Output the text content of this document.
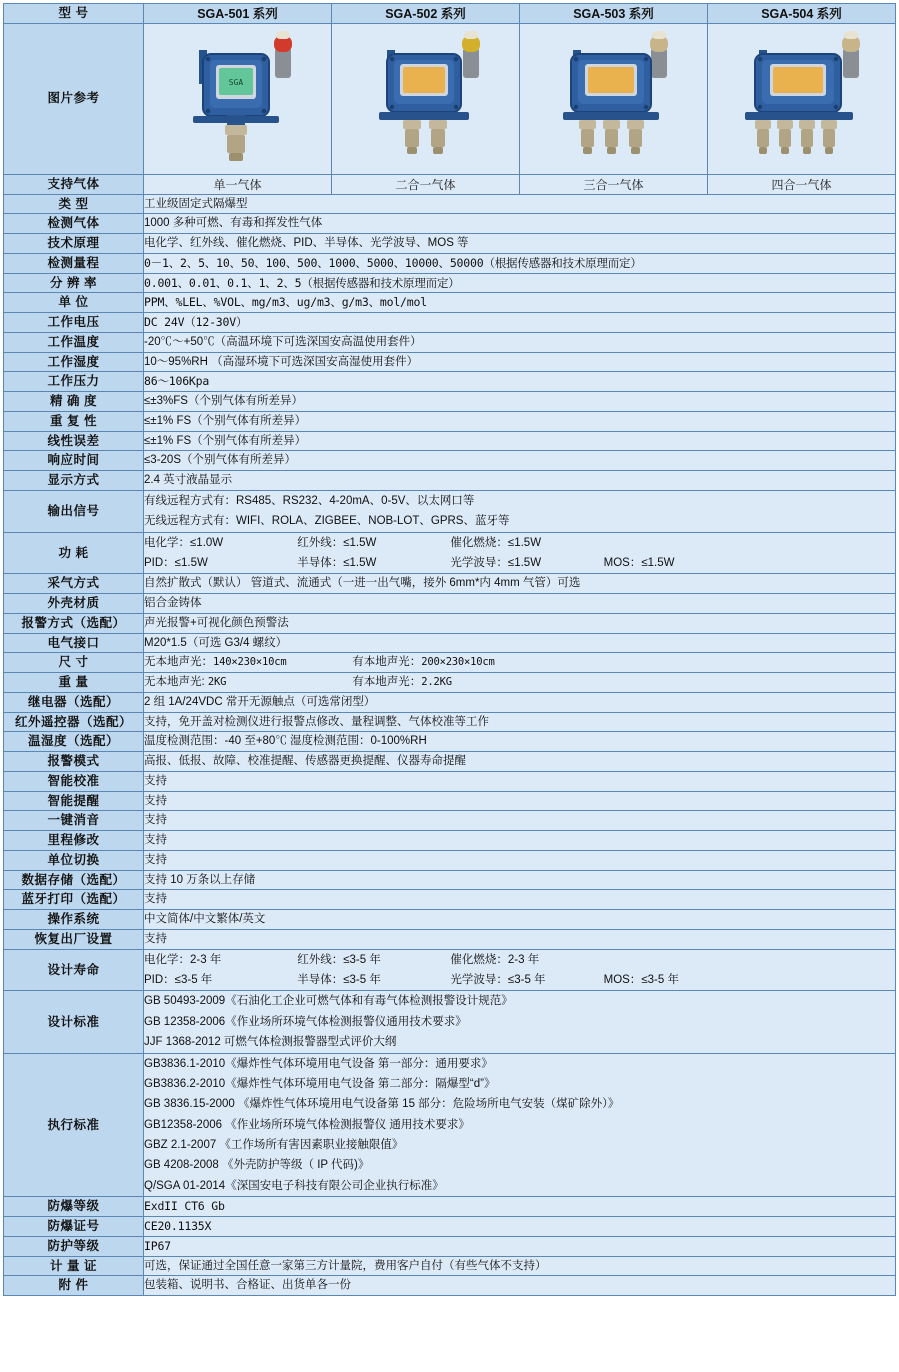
型 号	SGA-501 系列	SGA-502 系列	SGA-503 系列	SGA-504 系列
图片参考	SGA

支持气体	单一气体	二合一气体	三合一气体	四合一气体
类 型	工业级固定式隔爆型			
检测气体	1000 多种可燃、有毒和挥发性气体			
技术原理	电化学、红外线、催化燃烧、PID、半导体、光学波导、MOS 等			
检测量程	0－1、2、5、10、50、100、500、1000、5000、10000、50000（根据传感器和技术原理而定）			
分 辨 率	0.001、0.01、0.1、1、2、5（根据传感器和技术原理而定）			
单 位	PPM、%LEL、%VOL、mg/m3、ug/m3、g/m3、mol/mol			
工作电压	DC 24V（12-30V）			
工作温度	-20℃～+50℃（高温环境下可选深国安高温使用套件）			
工作湿度	10～95%RH （高湿环境下可选深国安高湿使用套件）			
工作压力	86～106Kpa			
精 确 度	≤±3%FS（个别气体有所差异）			
重 复 性	≤±1% FS（个别气体有所差异）			
线性误差	≤±1% FS（个别气体有所差异）			
响应时间	≤3-20S（个别气体有所差异）			
显示方式	2.4 英寸液晶显示			
输出信号	有线远程方式有：RS485、RS232、4-20mA、0-5V、以太网口等
无线远程方式有：WIFI、ROLA、ZIGBEE、NOB-LOT、GPRS、蓝牙等			

功 耗	电化学：≤1.0W 红外线：≤1.5W 催化燃烧：≤1.5W
PID：≤1.5W 半导体：≤1.5W 光学波导：≤1.5W MOS：≤1.5W			

采气方式	自然扩散式（默认） 管道式、流通式（一进一出气嘴，接外 6mm*内 4mm 气管）可选			
外壳材质	铝合金铸体			
报警方式（选配）	声光报警+可视化颜色预警法			
电气接口	M20*1.5（可选 G3/4 螺纹）			
尺 寸	无本地声光：140×230×10cm 有本地声光：200×230×10cm			

重 量	无本地声光: 2KG 有本地声光：2.2KG			

继电器（选配）	2 组 1A/24VDC 常开无源触点（可选常闭型）			
红外遥控器（选配）	支持，免开盖对检测仪进行报警点修改、量程调整、气体校准等工作			
温湿度（选配）	温度检测范围：-40 至+80℃ 湿度检测范围：0-100%RH			
报警模式	高报、低报、故障、校准提醒、传感器更换提醒、仪器寿命提醒			
智能校准	支持			
智能提醒	支持			
一键消音	支持			
里程修改	支持			
单位切换	支持			
数据存储（选配）	支持 10 万条以上存储			
蓝牙打印（选配）	支持			
操作系统	中文简体/中文繁体/英文			
恢复出厂设置	支持			
设计寿命	电化学：2-3 年 红外线：≤3-5 年 催化燃烧：2-3 年
PID：≤3-5 年 半导体：≤3-5 年 光学波导：≤3-5 年 MOS：≤3-5 年			

设计标准	GB 50493-2009《石油化工企业可燃气体和有毒气体检测报警设计规范》
GB 12358-2006《作业场所环境气体检测报警仪通用技术要求》
JJF 1368-2012 可燃气体检测报警器型式评价大纲			

执行标准	
GB3836.1-2010《爆炸性气体环境用电气设备 第一部分：通用要求》
GB3836.2-2010《爆炸性气体环境用电气设备 第二部分：隔爆型“d”》
GB 3836.15-2000 《爆炸性气体环境用电气设备第 15 部分：危险场所电气安装（煤矿除外）》
GB12358-2006 《作业场所环境气体检测报警仪 通用技术要求》
GBZ 2.1-2007 《工作场所有害因素职业接触限值》
GB 4208-2008 《外壳防护等级（ IP 代码)》
Q/SGA 01-2014《深国安电子科技有限公司企业执行标准》

防爆等级	ExdII CT6 Gb			
防爆证号	CE20.1135X			
防护等级	IP67			
计 量 证	可选，保证通过全国任意一家第三方计量院，费用客户自付（有些气体不支持）			
附 件	包装箱、说明书、合格证、出货单各一份			
